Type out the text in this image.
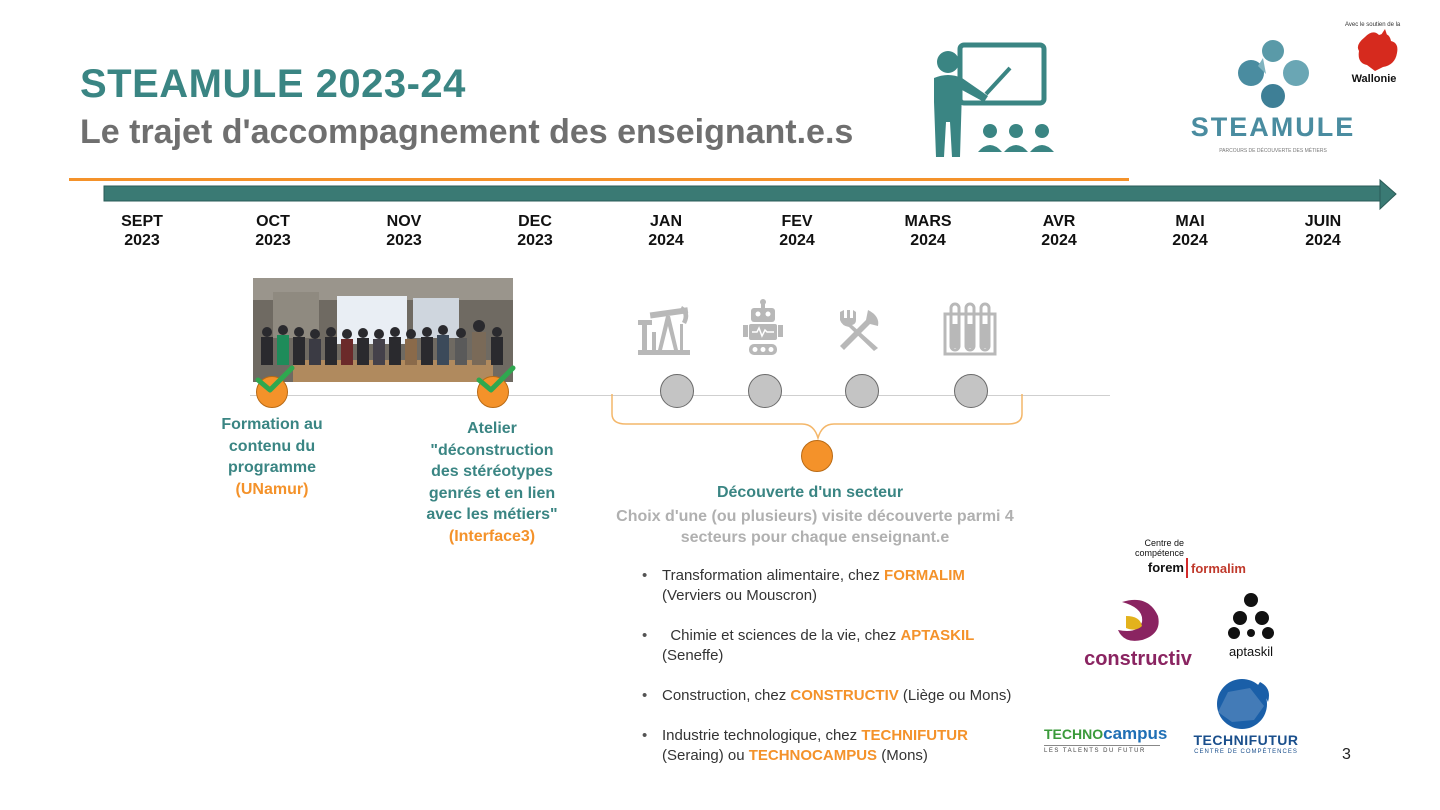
STEAMULE 2023-24
Le trajet d'accompagnement des enseignant.e.s	STEAMULE
PARCOURS DE DÉCOUVERTE DES MÉTIERS
Avec le soutien de la
Wallonie
SEPT
2023
OCT
2023
NOV
2023
DEC
2023
JAN
2024
FEV
2024
MARS
2024
AVR
2024
MAI
2024
JUIN
2024
Formation au contenu du programme
(UNamur)
Atelier "déconstruction des stéréotypes genrés et en lien avec les métiers"
(Interface3)
Découverte d'un secteur
Choix d'une (ou plusieurs) visite découverte parmi 4 secteurs pour chaque enseignant.e
• Transformation alimentaire, chez FORMALIM
(Verviers ou Mouscron)
•   Chimie et sciences de la vie, chez APTASKIL
(Seneffe)
• Construction, chez CONSTRUCTIV (Liège ou Mons)
• Industrie technologique, chez TECHNIFUTUR
(Seraing) ou TECHNOCAMPUS (Mons)
Centre de
compétence
forem formalim
constructiv	aptaskil
TECHNOcampus
LES TALENTS DU FUTUR
TECHNIFUTUR
CENTRE DE COMPÉTENCES	3
